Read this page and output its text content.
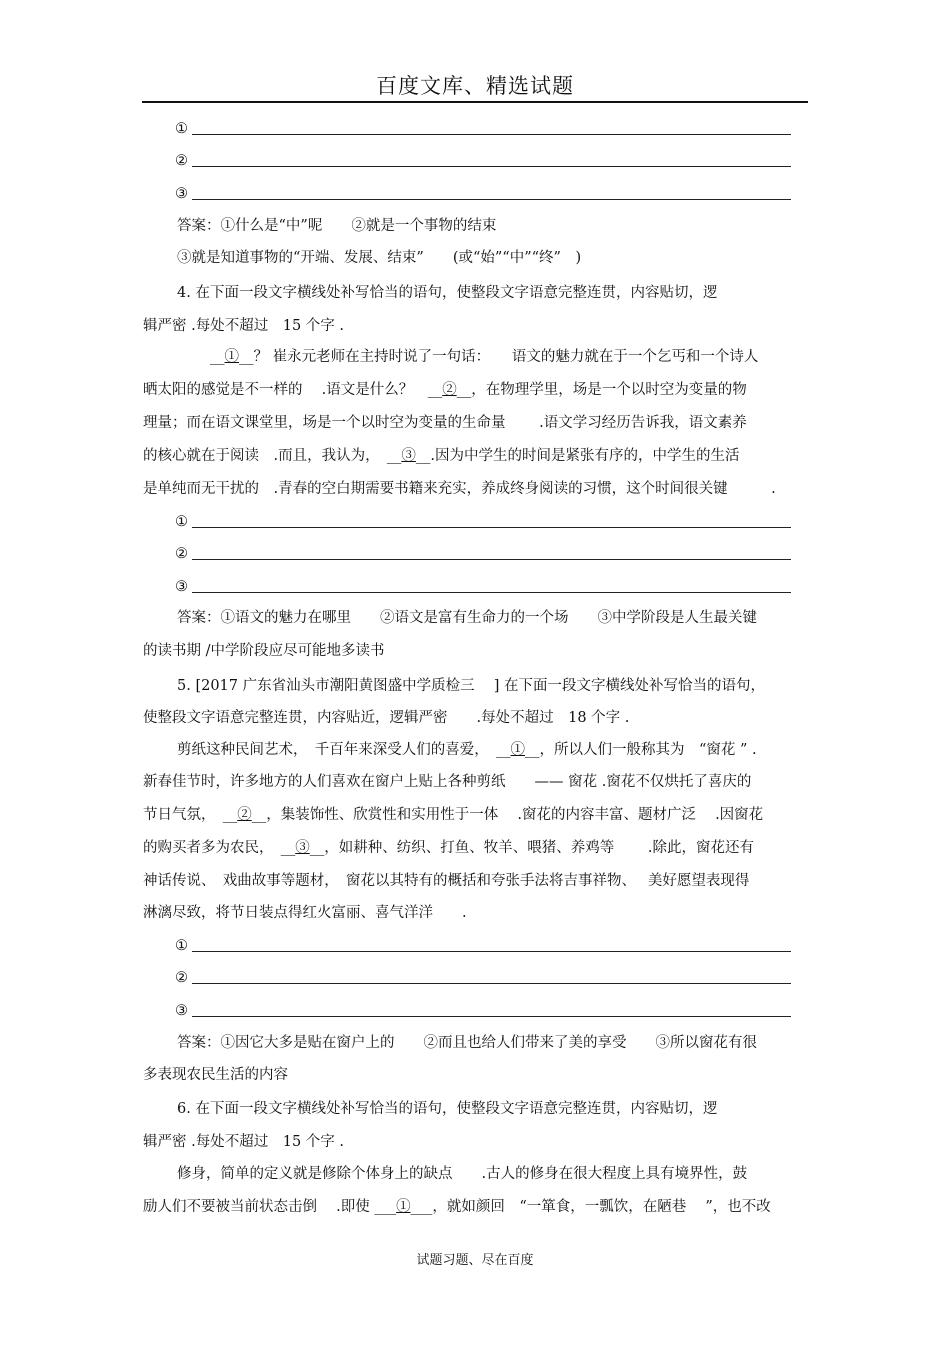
百度文库、精选试题
①
②
③
答案：①什么是“中”呢　　②就是一个事物的结束
③就是知道事物的“开端、发展、结束”　　(或“始”“中”“终”　)
4. 在下面一段文字横线处补写恰当的语句，使整段文字语意完整连贯，内容贴切，逻
辑严密 .每处不超过　15 个字 .
__①__？ 崔永元老师在主持时说了一句话：　　语文的魅力就在于一个乞丐和一个诗人
晒太阳的感觉是不一样的　 .语文是什么？　__②__，在物理学里，场是一个以时空为变量的物
理量；而在语文课堂里，场是一个以时空为变量的生命量　　 .语文学习经历告诉我，语文素养
的核心就在于阅读　.而且，我认为，　__③__.因为中学生的时间是紧张有序的，中学生的生活
是单纯而无干扰的　.青春的空白期需要书籍来充实，养成终身阅读的习惯，这个时间很关键　　　.
①
②
③
答案：①语文的魅力在哪里　　②语文是富有生命力的一个场　　③中学阶段是人生最关键
的读书期 /中学阶段应尽可能地多读书
5. [2017 广东省汕头市潮阳黄图盛中学质检三　 ] 在下面一段文字横线处补写恰当的语句，
使整段文字语意完整连贯，内容贴近，逻辑严密　　.每处不超过　18 个字 .
剪纸这种民间艺术，　千百年来深受人们的喜爱，　__①__，所以人们一般称其为　“窗花 ” .
新春佳节时，许多地方的人们喜欢在窗户上贴上各种剪纸　　—— 窗花 .窗花不仅烘托了喜庆的
节日气氛，　__②__，集装饰性、欣赏性和实用性于一体　 .窗花的内容丰富、题材广泛　 .因窗花
的购买者多为农民，　__③__，如耕种、纺织、打鱼、牧羊、喂猪、养鸡等　　 .除此，窗花还有
神话传说、　戏曲故事等题材，　窗花以其特有的概括和夸张手法将吉事祥物、　 美好愿望表现得
淋漓尽致，将节日装点得红火富丽、喜气洋洋　　.
①
②
③
答案：①因它大多是贴在窗户上的　　②而且也给人们带来了美的享受　　③所以窗花有很
多表现农民生活的内容
6. 在下面一段文字横线处补写恰当的语句，使整段文字语意完整连贯，内容贴切，逻
辑严密 .每处不超过　15 个字 .
修身，简单的定义就是修除个体身上的缺点　　.古人的修身在很大程度上具有境界性，鼓
励人们不要被当前状态击倒　 .即使 ___①___，就如颜回　“一箪食，一瓢饮，在陋巷　 ”，也不改
试题习题、尽在百度
